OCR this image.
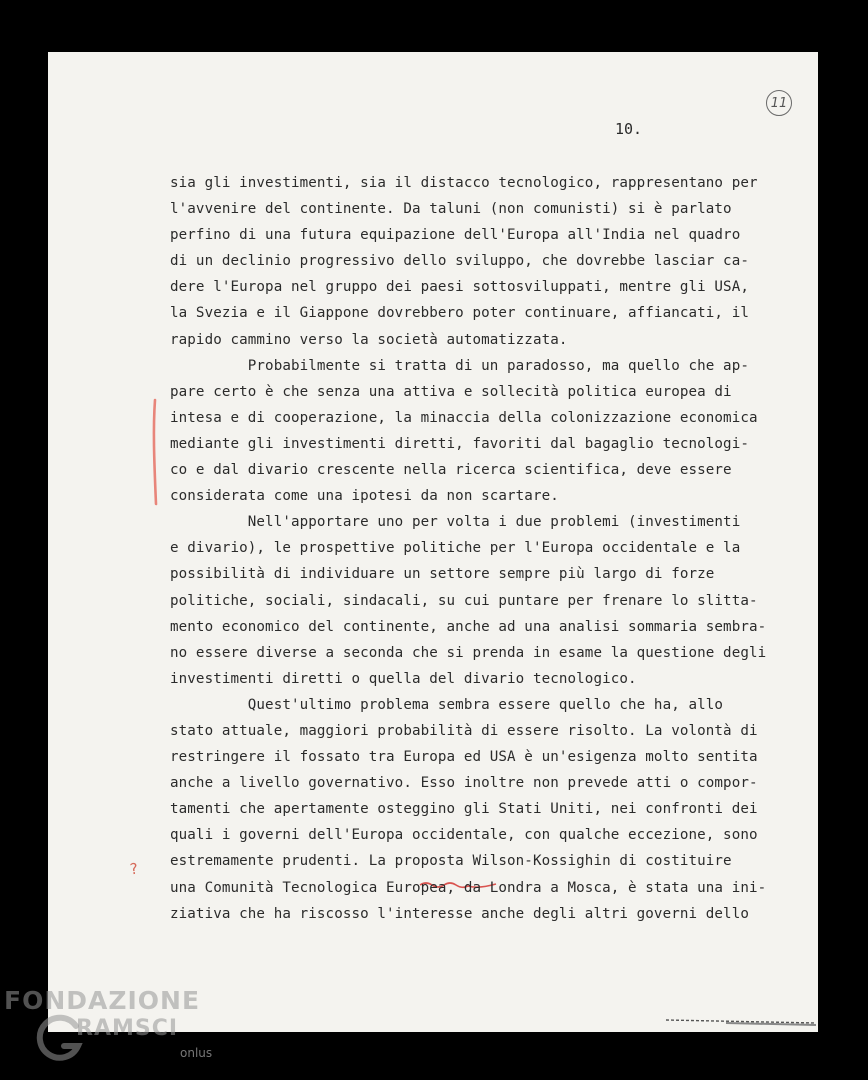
11

10.

?
sia gli investimenti, sia il distacco tecnologico, rappresentano per
l'avvenire del continente. Da taluni (non comunisti) si è parlato
perfino di una futura equipazione dell'Europa all'India nel quadro
di un declinio progressivo dello sviluppo, che dovrebbe lasciar ca-
dere l'Europa nel gruppo dei paesi sottosviluppati, mentre gli USA,
la Svezia e il Giappone dovrebbero poter continuare, affiancati, il
rapido cammino verso la società automatizzata.
Probabilmente si tratta di un paradosso, ma quello che ap-
pare certo è che senza una attiva e sollecità politica europea di
intesa e di cooperazione, la minaccia della colonizzazione economica
mediante gli investimenti diretti, favoriti dal bagaglio tecnologi-
co e dal divario crescente nella ricerca scientifica, deve essere
considerata come una ipotesi da non scartare.
Nell'apportare uno per volta i due problemi (investimenti
e divario), le prospettive politiche per l'Europa occidentale e la
possibilità di individuare un settore sempre più largo di forze
politiche, sociali, sindacali, su cui puntare per frenare lo slitta-
mento economico del continente, anche ad una analisi sommaria sembra-
no essere diverse a seconda che si prenda in esame la questione degli
investimenti diretti o quella del divario tecnologico.
Quest'ultimo problema sembra essere quello che ha, allo
stato attuale, maggiori probabilità di essere risolto. La volontà di
restringere il fossato tra Europa ed USA è un'esigenza molto sentita
anche a livello governativo. Esso inoltre non prevede atti o compor-
tamenti che apertamente osteggino gli Stati Uniti, nei confronti dei
quali i governi dell'Europa occidentale, con qualche eccezione, sono
estremamente prudenti. La proposta Wilson-Kossighin di costituire
una Comunità Tecnologica Europea, da Londra a Mosca, è stata una ini-
ziativa che ha riscosso l'interesse anche degli altri governi dello

FONDAZIONE

RAMSCI

onlus
